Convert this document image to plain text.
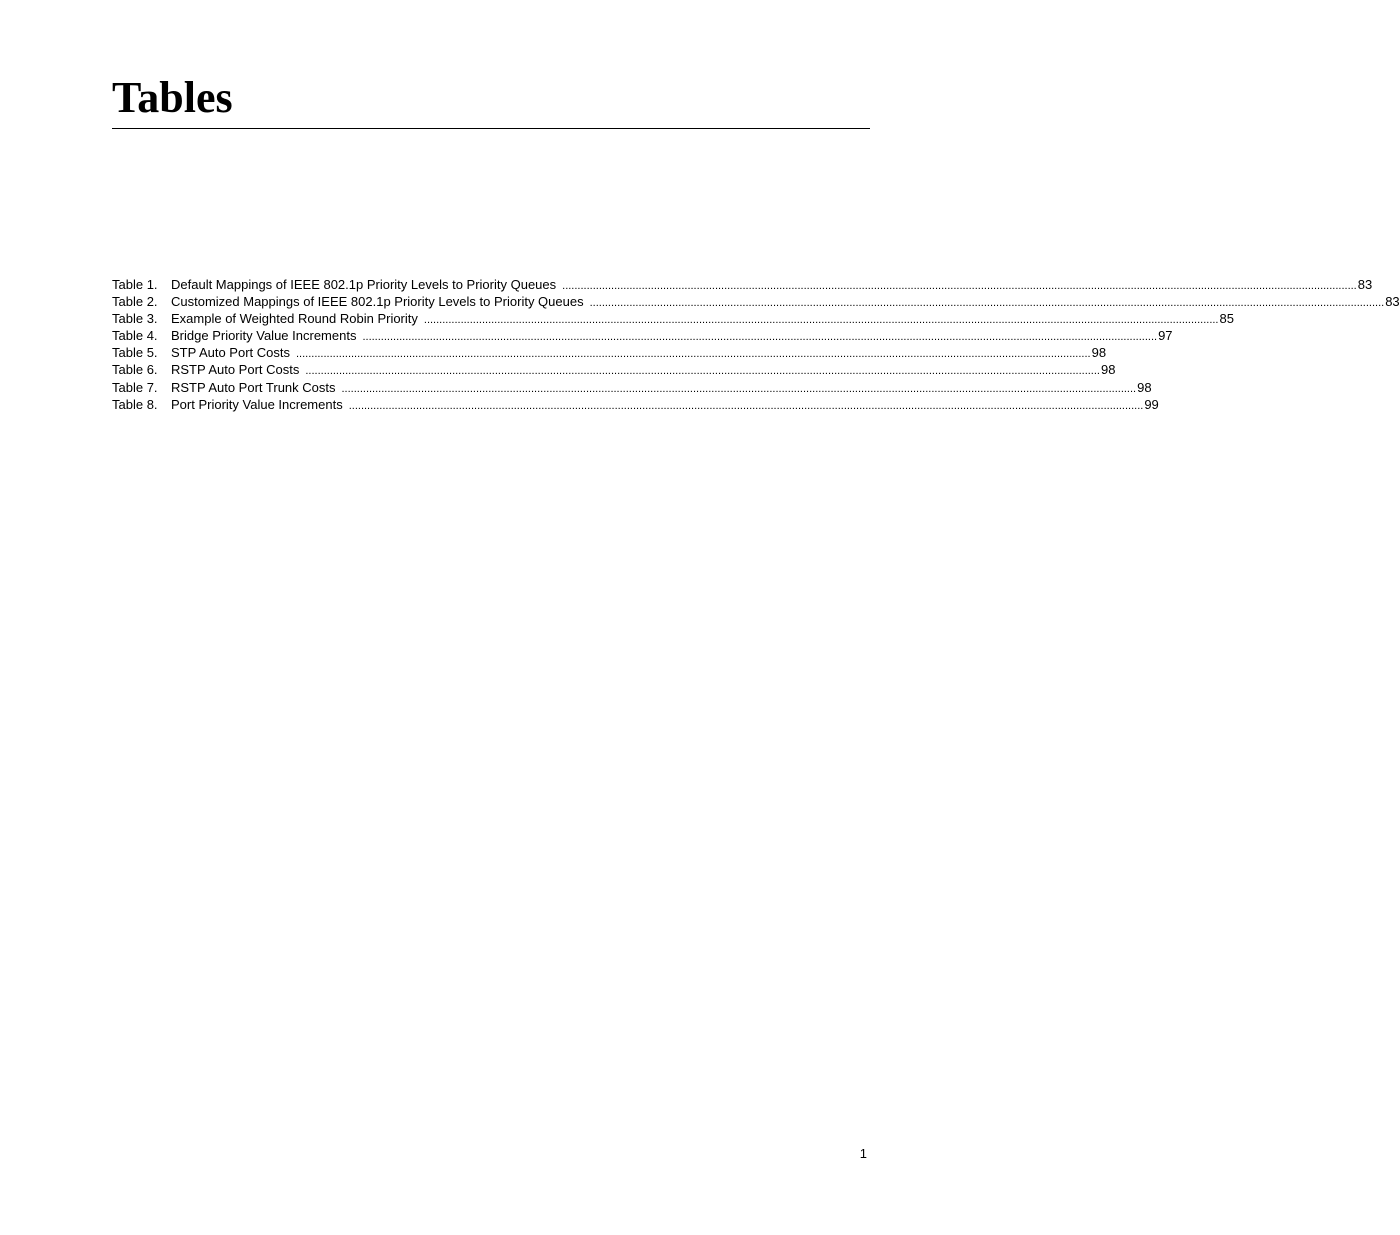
Tables
Table 1.	Default Mappings of IEEE 802.1p Priority Levels to Priority Queues .................................................................................................................................................................................................................................................................... 83
Table 2.	Customized Mappings of IEEE 802.1p Priority Levels to Priority Queues .................................................................................................................................................................................................................................................................... 83
Table 3.	Example of Weighted Round Robin Priority .................................................................................................................................................................................................................................................................... 85
Table 4.	Bridge Priority Value Increments .................................................................................................................................................................................................................................................................... 97
Table 5.	STP Auto Port Costs .................................................................................................................................................................................................................................................................... 98
Table 6.	RSTP Auto Port Costs .................................................................................................................................................................................................................................................................... 98
Table 7.	RSTP Auto Port Trunk Costs .................................................................................................................................................................................................................................................................... 98
Table 8.	Port Priority Value Increments .................................................................................................................................................................................................................................................................... 99
1
